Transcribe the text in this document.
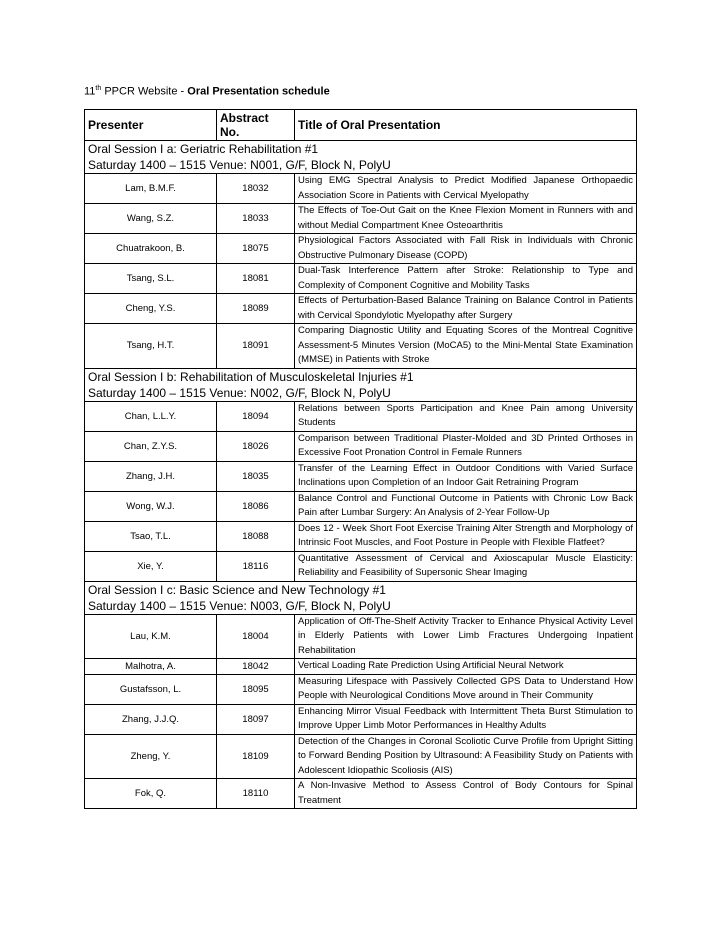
11th PPCR Website - Oral Presentation schedule
Presenter	Abstract No.	Title of Oral Presentation

Oral Session I a: Geriatric Rehabilitation #1
Saturday 1400 – 1515 Venue: N001, G/F, Block N, PolyU		

Lam, B.M.F.	18032	Using EMG Spectral Analysis to Predict Modified Japanese Orthopaedic Association Score in Patients with Cervical Myelopathy
Wang, S.Z.	18033	The Effects of Toe-Out Gait on the Knee Flexion Moment in Runners with and without Medial Compartment Knee Osteoarthritis
Chuatrakoon, B.	18075	Physiological Factors Associated with Fall Risk in Individuals with Chronic Obstructive Pulmonary Disease (COPD)
Tsang, S.L.	18081	Dual-Task Interference Pattern after Stroke: Relationship to Type and Complexity of Component Cognitive and Mobility Tasks
Cheng, Y.S.	18089	Effects of Perturbation-Based Balance Training on Balance Control in Patients with Cervical Spondylotic Myelopathy after Surgery
Tsang, H.T.	18091	Comparing Diagnostic Utility and Equating Scores of the Montreal Cognitive Assessment-5 Minutes Version (MoCA5) to the Mini-Mental State Examination (MMSE) in Patients with Stroke

Oral Session I b: Rehabilitation of Musculoskeletal Injuries #1
Saturday 1400 – 1515 Venue: N002, G/F, Block N, PolyU		

Chan, L.L.Y.	18094	Relations between Sports Participation and Knee Pain among University Students
Chan, Z.Y.S.	18026	Comparison between Traditional Plaster-Molded and 3D Printed Orthoses in Excessive Foot Pronation Control in Female Runners
Zhang, J.H.	18035	Transfer of the Learning Effect in Outdoor Conditions with Varied Surface Inclinations upon Completion of an Indoor Gait Retraining Program
Wong, W.J.	18086	Balance Control and Functional Outcome in Patients with Chronic Low Back Pain after Lumbar Surgery: An Analysis of 2-Year Follow-Up
Tsao, T.L.	18088	Does 12 - Week Short Foot Exercise Training Alter Strength and Morphology of Intrinsic Foot Muscles, and Foot Posture in People with Flexible Flatfeet?
Xie, Y.	18116	Quantitative Assessment of Cervical and Axioscapular Muscle Elasticity: Reliability and Feasibility of Supersonic Shear Imaging

Oral Session I c: Basic Science and New Technology #1
Saturday 1400 – 1515 Venue: N003, G/F, Block N, PolyU		

Lau, K.M.	18004	Application of Off-The-Shelf Activity Tracker to Enhance Physical Activity Level in Elderly Patients with Lower Limb Fractures Undergoing Inpatient Rehabilitation
Malhotra, A.	18042	Vertical Loading Rate Prediction Using Artificial Neural Network
Gustafsson, L.	18095	Measuring Lifespace with Passively Collected GPS Data to Understand How People with Neurological Conditions Move around in Their Community
Zhang, J.J.Q.	18097	Enhancing Mirror Visual Feedback with Intermittent Theta Burst Stimulation to Improve Upper Limb Motor Performances in Healthy Adults
Zheng, Y.	18109	Detection of the Changes in Coronal Scoliotic Curve Profile from Upright Sitting to Forward Bending Position by Ultrasound: A Feasibility Study on Patients with Adolescent Idiopathic Scoliosis (AIS)
Fok, Q.	18110	A Non-Invasive Method to Assess Control of Body Contours for Spinal Treatment
